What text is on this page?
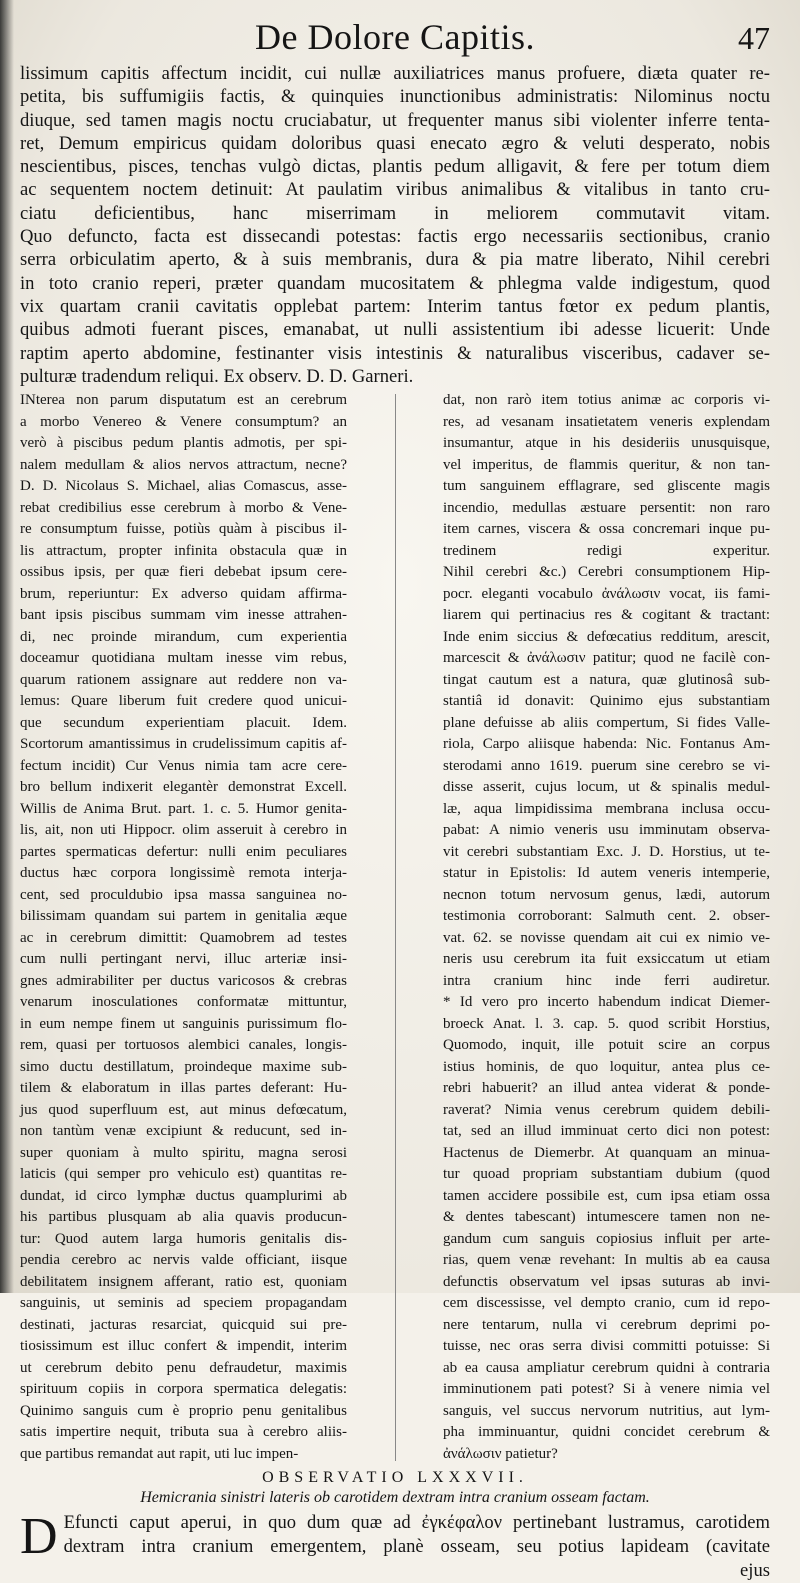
De Dolore Capitis.	47

lissimum capitis affectum incidit, cui nullæ auxiliatrices manus profuere, diæta quater re-

petita, bis suffumigiis factis, & quinquies inunctionibus administratis: Nilominus noctu

diuque, sed tamen magis noctu cruciabatur, ut frequenter manus sibi violenter inferre tenta-

ret, Demum empiricus quidam doloribus quasi enecato ægro & veluti desperato, nobis

nescientibus, pisces, tenchas vulgò dictas, plantis pedum alligavit, & fere per totum diem

ac sequentem noctem detinuit: At paulatim viribus animalibus & vitalibus in tanto cru-

ciatu deficientibus, hanc miserrimam in meliorem commutavit vitam.

Quo defuncto, facta est dissecandi potestas: factis ergo necessariis sectionibus, cranio

serra orbiculatim aperto, & à suis membranis, dura & pia matre liberato, Nihil cerebri

in toto cranio reperi, præter quandam mucositatem & phlegma valde indigestum, quod

vix quartam cranii cavitatis opplebat partem: Interim tantus fœtor ex pedum plantis,

quibus admoti fuerant pisces, emanabat, ut nulli assistentium ibi adesse licuerit: Unde

raptim aperto abdomine, festinanter visis intestinis & naturalibus visceribus, cadaver se-

pulturæ tradendum reliqui. Ex observ. D. D. Garneri.

INterea non parum disputatum est an cerebrum

a morbo Venereo & Venere consumptum? an

verò à piscibus pedum plantis admotis, per spi-

nalem medullam & alios nervos attractum, necne?

D. D. Nicolaus S. Michael, alias Comascus, asse-

rebat credibilius esse cerebrum à morbo & Vene-

re consumptum fuisse, potiùs quàm à piscibus il-

lis attractum, propter infinita obstacula quæ in

ossibus ipsis, per quæ fieri debebat ipsum cere-

brum, reperiuntur: Ex adverso quidam affirma-

bant ipsis piscibus summam vim inesse attrahen-

di, nec proinde mirandum, cum experientia

doceamur quotidiana multam inesse vim rebus,

quarum rationem assignare aut reddere non va-

lemus: Quare liberum fuit credere quod unicui-

que secundum experientiam placuit. Idem.

Scortorum amantissimus in crudelissimum capitis af-

fectum incidit) Cur Venus nimia tam acre cere-

bro bellum indixerit elegantèr demonstrat Excell.

Willis de Anima Brut. part. 1. c. 5. Humor genita-

lis, ait, non uti Hippocr. olim asseruit à cerebro in

partes spermaticas defertur: nulli enim peculiares

ductus hæc corpora longissimè remota interja-

cent, sed proculdubio ipsa massa sanguinea no-

bilissimam quandam sui partem in genitalia æque

ac in cerebrum dimittit: Quamobrem ad testes

cum nulli pertingant nervi, illuc arteriæ insi-

gnes admirabiliter per ductus varicosos & crebras

venarum inosculationes conformatæ mittuntur,

in eum nempe finem ut sanguinis purissimum flo-

rem, quasi per tortuosos alembici canales, longis-

simo ductu destillatum, proindeque maxime sub-

tilem & elaboratum in illas partes deferant: Hu-

jus quod superfluum est, aut minus defœcatum,

non tantùm venæ excipiunt & reducunt, sed in-

super quoniam à multo spiritu, magna serosi

laticis (qui semper pro vehiculo est) quantitas re-

dundat, id circo lymphæ ductus quamplurimi ab

his partibus plusquam ab alia quavis producun-

tur: Quod autem larga humoris genitalis dis-

pendia cerebro ac nervis valde officiant, iisque

debilitatem insignem afferant, ratio est, quoniam

sanguinis, ut seminis ad speciem propagandam

destinati, jacturas resarciat, quicquid sui pre-

tiosissimum est illuc confert & impendit, interim

ut cerebrum debito penu defraudetur, maximis

spirituum copiis in corpora spermatica delegatis:

Quinimo sanguis cum è proprio penu genitalibus

satis impertire nequit, tributa sua à cerebro aliis-

que partibus remandat aut rapit, uti luc impen-

dat, non rarò item totius animæ ac corporis vi-

res, ad vesanam insatietatem veneris explendam

insumantur, atque in his desideriis unusquisque,

vel imperitus, de flammis queritur, & non tan-

tum sanguinem efflagrare, sed gliscente magis

incendio, medullas æstuare persentit: non raro

item carnes, viscera & ossa concremari inque pu-

tredinem redigi experitur.

Nihil cerebri &c.) Cerebri consumptionem Hip-

pocr. eleganti vocabulo ἀνάλωσιν vocat, iis fami-

liarem qui pertinacius res & cogitant & tractant:

Inde enim siccius & defœcatius redditum, arescit,

marcescit & ἀνάλωσιν patitur; quod ne facilè con-

tingat cautum est a natura, quæ glutinosâ sub-

stantiâ id donavit: Quinimo ejus substantiam

plane defuisse ab aliis compertum, Si fides Valle-

riola, Carpo aliisque habenda: Nic. Fontanus Am-

sterodami anno 1619. puerum sine cerebro se vi-

disse asserit, cujus locum, ut & spinalis medul-

læ, aqua limpidissima membrana inclusa occu-

pabat: A nimio veneris usu imminutam observa-

vit cerebri substantiam Exc. J. D. Horstius, ut te-

statur in Epistolis: Id autem veneris intemperie,

necnon totum nervosum genus, lædi, autorum

testimonia corroborant: Salmuth cent. 2. obser-

vat. 62. se novisse quendam ait cui ex nimio ve-

neris usu cerebrum ita fuit exsiccatum ut etiam

intra cranium hinc inde ferri audiretur.

* Id vero pro incerto habendum indicat Diemer-

broeck Anat. l. 3. cap. 5. quod scribit Horstius,

Quomodo, inquit, ille potuit scire an corpus

istius hominis, de quo loquitur, antea plus ce-

rebri habuerit? an illud antea viderat & ponde-

raverat? Nimia venus cerebrum quidem debili-

tat, sed an illud imminuat certo dici non potest:

Hactenus de Diemerbr. At quanquam an minua-

tur quoad propriam substantiam dubium (quod

tamen accidere possibile est, cum ipsa etiam ossa

& dentes tabescant) intumescere tamen non ne-

gandum cum sanguis copiosius influit per arte-

rias, quem venæ revehant: In multis ab ea causa

defunctis observatum vel ipsas suturas ab invi-

cem discessisse, vel dempto cranio, cum id repo-

nere tentarum, nulla vi cerebrum deprimi po-

tuisse, nec oras serra divisi committi potuisse: Si

ab ea causa ampliatur cerebrum quidni à contraria

imminutionem pati potest? Si à venere nimia vel

sanguis, vel succus nervorum nutritius, aut lym-

pha imminuantur, quidni concidet cerebrum &

ἀνάλωσιν patietur?

OBSERVATIO LXXXVII.
Hemicrania sinistri lateris ob carotidem dextram intra cranium osseam factam.
D Efuncti caput aperui, in quo dum quæ ad ἐγκέφαλον pertinebant lustramus, carotidem

dextram intra cranium emergentem, planè osseam, seu potius lapideam (cavitate

ejus
